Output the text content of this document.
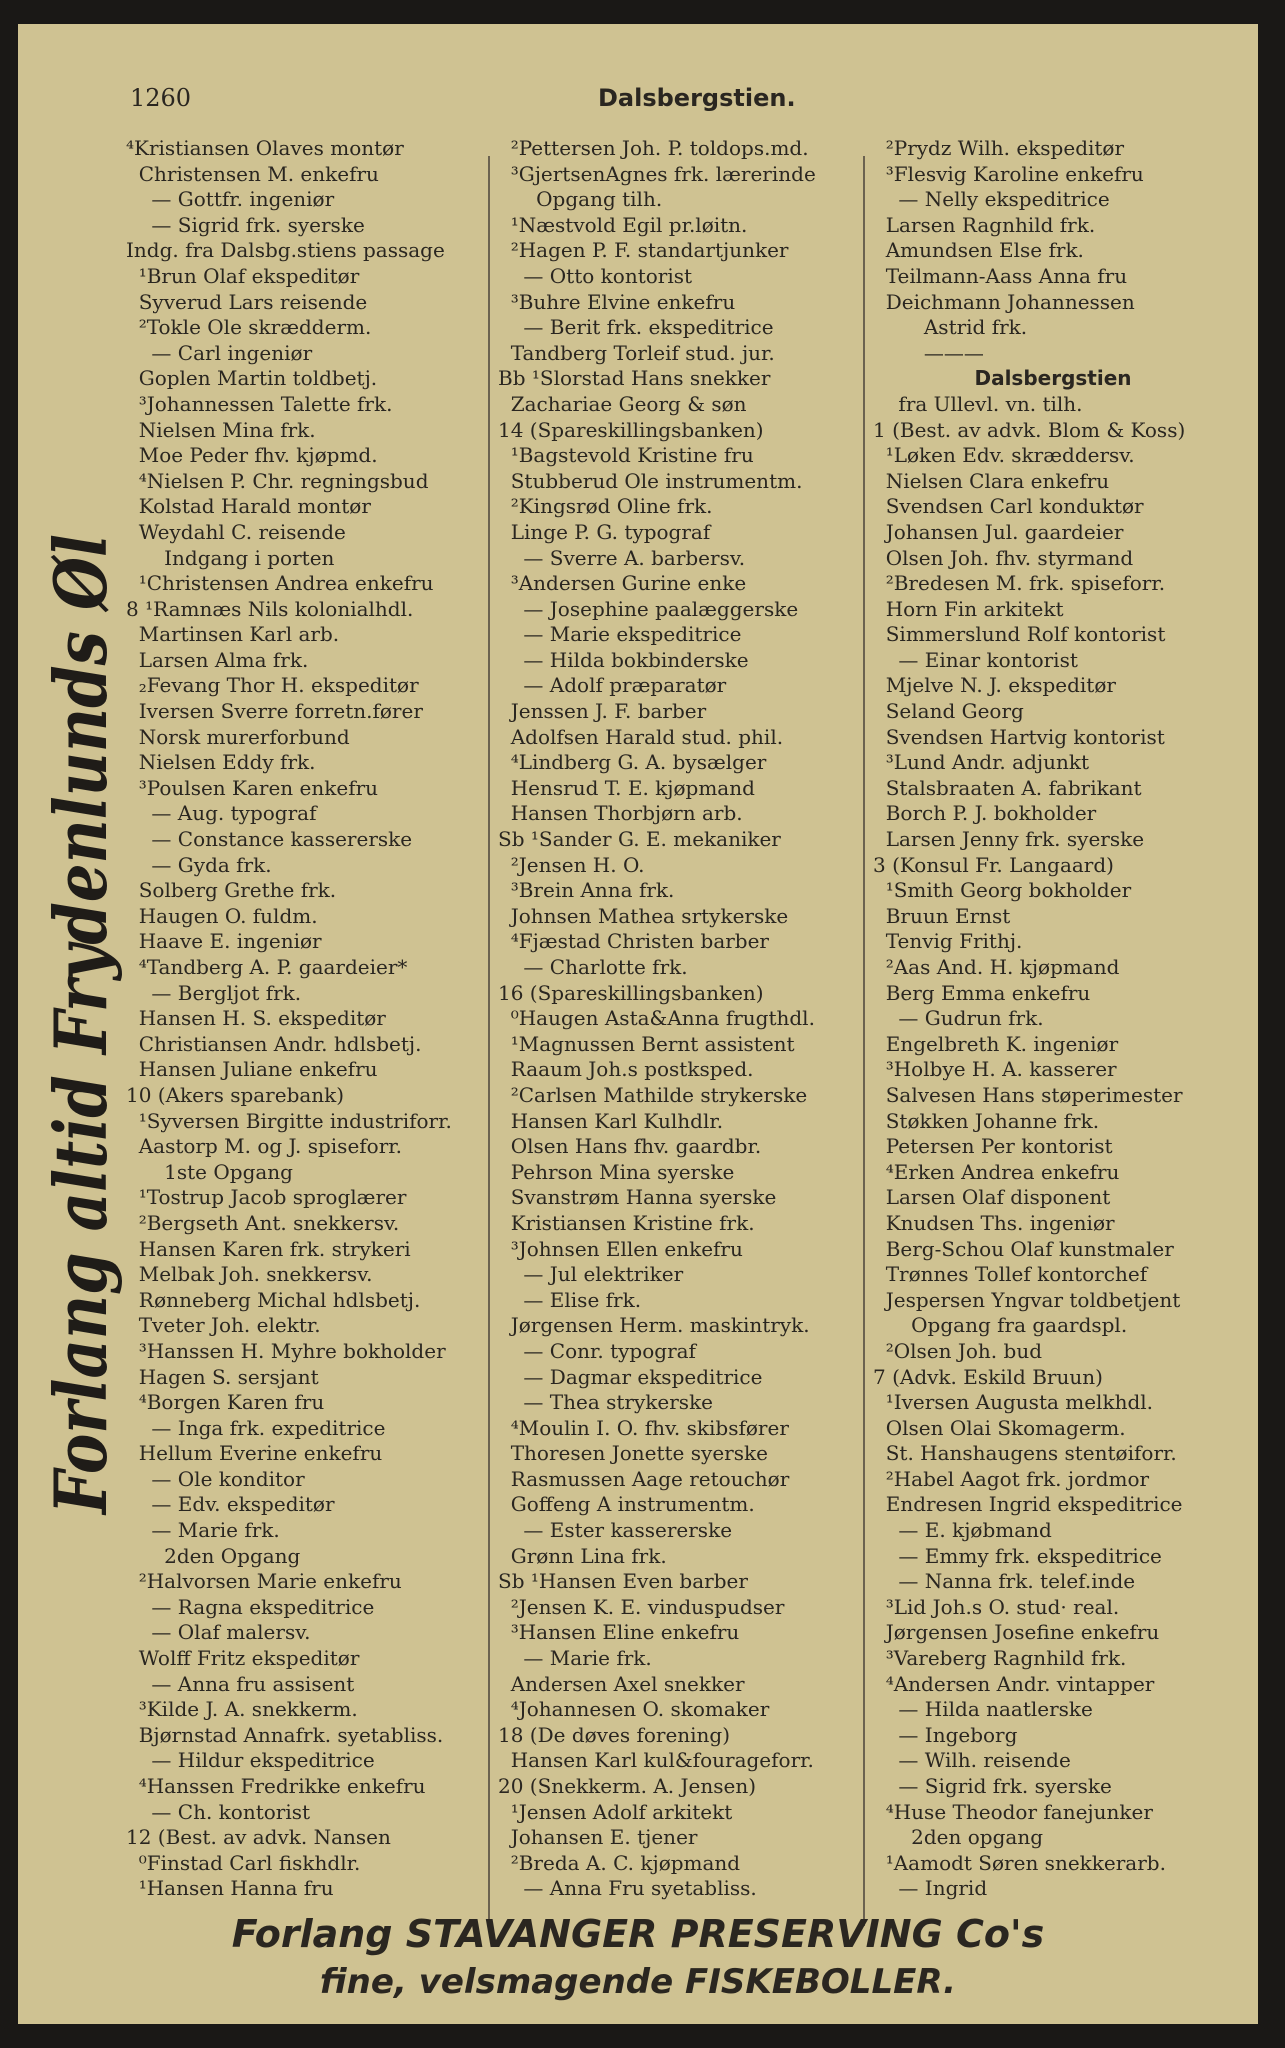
1260	Dalsbergstien.
Forlang altid Frydenlunds Øl
⁴Kristiansen Olaves montør
Christensen M. enkefru
— Gottfr. ingeniør
— Sigrid frk. syerske
Indg. fra Dalsbg.stiens passage
¹Brun Olaf ekspeditør
Syverud Lars reisende
²Tokle Ole skrædderm.
— Carl ingeniør
Goplen Martin toldbetj.
³Johannessen Talette frk.
Nielsen Mina frk.
Moe Peder fhv. kjøpmd.
⁴Nielsen P. Chr. regningsbud
Kolstad Harald montør
Weydahl C. reisende
Indgang i porten
¹Christensen Andrea enkefru
8 ¹Ramnæs Nils kolonialhdl.
Martinsen Karl arb.
Larsen Alma frk.
₂Fevang Thor H. ekspeditør
Iversen Sverre forretn.fører
Norsk murerforbund
Nielsen Eddy frk.
³Poulsen Karen enkefru
— Aug. typograf
— Constance kassererske
— Gyda frk.
Solberg Grethe frk.
Haugen O. fuldm.
Haave E. ingeniør
⁴Tandberg A. P. gaardeier*
— Bergljot frk.
Hansen H. S. ekspeditør
Christiansen Andr. hdlsbetj.
Hansen Juliane enkefru
10 (Akers sparebank)
¹Syversen Birgitte industriforr.
Aastorp M. og J. spiseforr.
1ste Opgang
¹Tostrup Jacob sproglærer
²Bergseth Ant. snekkersv.
Hansen Karen frk. strykeri
Melbak Joh. snekkersv.
Rønneberg Michal hdlsbetj.
Tveter Joh. elektr.
³Hanssen H. Myhre bokholder
Hagen S. sersjant
⁴Borgen Karen fru
— Inga frk. expeditrice
Hellum Everine enkefru
— Ole konditor
— Edv. ekspeditør
— Marie frk.
2den Opgang
²Halvorsen Marie enkefru
— Ragna ekspeditrice
— Olaf malersv.
Wolff Fritz ekspeditør
— Anna fru assisent
³Kilde J. A. snekkerm.
Bjørnstad Annafrk. syetabliss.
— Hildur ekspeditrice
⁴Hanssen Fredrikke enkefru
— Ch. kontorist
12 (Best. av advk. Nansen
⁰Finstad Carl fiskhdlr.
¹Hansen Hanna fru
²Pettersen Joh. P. toldops.md.
³GjertsenAgnes frk. lærerinde
Opgang tilh.
¹Næstvold Egil pr.løitn.
²Hagen P. F. standartjunker
— Otto kontorist
³Buhre Elvine enkefru
— Berit frk. ekspeditrice
Tandberg Torleif stud. jur.
Bb ¹Slorstad Hans snekker
Zachariae Georg & søn
14 (Spareskillingsbanken)
¹Bagstevold Kristine fru
Stubberud Ole instrumentm.
²Kingsrød Oline frk.
Linge P. G. typograf
— Sverre A. barbersv.
³Andersen Gurine enke
— Josephine paalæggerske
— Marie ekspeditrice
— Hilda bokbinderske
— Adolf præparatør
Jenssen J. F. barber
Adolfsen Harald stud. phil.
⁴Lindberg G. A. bysælger
Hensrud T. E. kjøpmand
Hansen Thorbjørn arb.
Sb ¹Sander G. E. mekaniker
²Jensen H. O.
³Brein Anna frk.
Johnsen Mathea srtykerske
⁴Fjæstad Christen barber
— Charlotte frk.
16 (Spareskillingsbanken)
⁰Haugen Asta&Anna frugthdl.
¹Magnussen Bernt assistent
Raaum Joh.s postksped.
²Carlsen Mathilde strykerske
Hansen Karl Kulhdlr.
Olsen Hans fhv. gaardbr.
Pehrson Mina syerske
Svanstrøm Hanna syerske
Kristiansen Kristine frk.
³Johnsen Ellen enkefru
— Jul elektriker
— Elise frk.
Jørgensen Herm. maskintryk.
— Conr. typograf
— Dagmar ekspeditrice
— Thea strykerske
⁴Moulin I. O. fhv. skibsfører
Thoresen Jonette syerske
Rasmussen Aage retouchør
Goffeng A instrumentm.
— Ester kassererske
Grønn Lina frk.
Sb ¹Hansen Even barber
²Jensen K. E. vinduspudser
³Hansen Eline enkefru
— Marie frk.
Andersen Axel snekker
⁴Johannesen O. skomaker
18 (De døves forening)
Hansen Karl kul&fourageforr.
20 (Snekkerm. A. Jensen)
¹Jensen Adolf arkitekt
Johansen E. tjener
²Breda A. C. kjøpmand
— Anna Fru syetabliss.
²Prydz Wilh. ekspeditør
³Flesvig Karoline enkefru
— Nelly ekspeditrice
Larsen Ragnhild frk.
Amundsen Else frk.
Teilmann-Aass Anna fru
Deichmann Johannessen
Astrid frk.
———
Dalsbergstien
fra Ullevl. vn. tilh.
1 (Best. av advk. Blom & Koss)
¹Løken Edv. skræddersv.
Nielsen Clara enkefru
Svendsen Carl konduktør
Johansen Jul. gaardeier
Olsen Joh. fhv. styrmand
²Bredesen M. frk. spiseforr.
Horn Fin arkitekt
Simmerslund Rolf kontorist
— Einar kontorist
Mjelve N. J. ekspeditør
Seland Georg
Svendsen Hartvig kontorist
³Lund Andr. adjunkt
Stalsbraaten A. fabrikant
Borch P. J. bokholder
Larsen Jenny frk. syerske
3 (Konsul Fr. Langaard)
¹Smith Georg bokholder
Bruun Ernst
Tenvig Frithj.
²Aas And. H. kjøpmand
Berg Emma enkefru
— Gudrun frk.
Engelbreth K. ingeniør
³Holbye H. A. kasserer
Salvesen Hans støperimester
Støkken Johanne frk.
Petersen Per kontorist
⁴Erken Andrea enkefru
Larsen Olaf disponent
Knudsen Ths. ingeniør
Berg-Schou Olaf kunstmaler
Trønnes Tollef kontorchef
Jespersen Yngvar toldbetjent
Opgang fra gaardspl.
²Olsen Joh. bud
7 (Advk. Eskild Bruun)
¹Iversen Augusta melkhdl.
Olsen Olai Skomagerm.
St. Hanshaugens stentøiforr.
²Habel Aagot frk. jordmor
Endresen Ingrid ekspeditrice
— E. kjøbmand
— Emmy frk. ekspeditrice
— Nanna frk. telef.inde
³Lid Joh.s O. stud· real.
Jørgensen Josefine enkefru
³Vareberg Ragnhild frk.
⁴Andersen Andr. vintapper
— Hilda naatlerske
— Ingeborg
— Wilh. reisende
— Sigrid frk. syerske
⁴Huse Theodor fanejunker
2den opgang
¹Aamodt Søren snekkerarb.
— Ingrid
Forlang STAVANGER PRESERVING Co's
fine, velsmagende FISKEBOLLER.
